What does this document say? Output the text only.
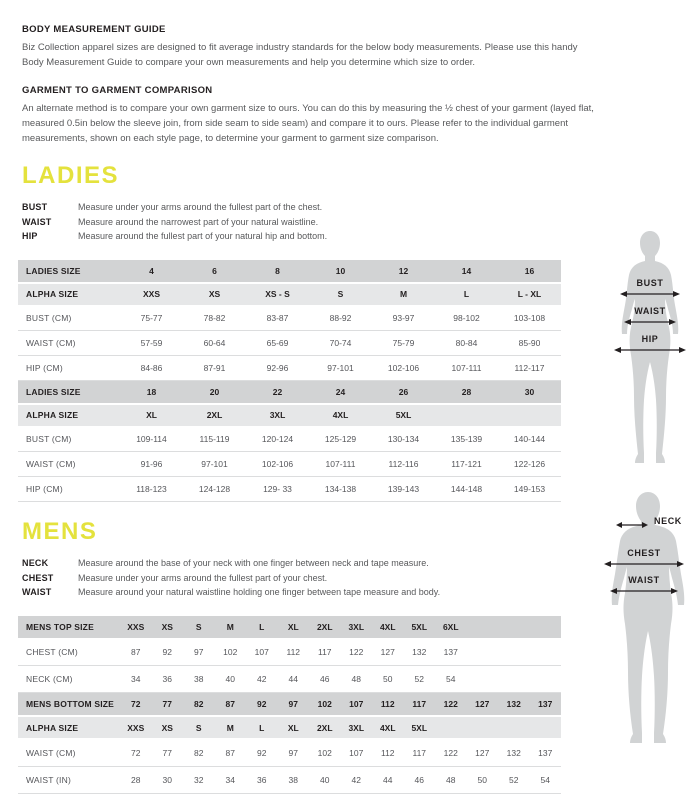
BODY MEASUREMENT GUIDE
Biz Collection apparel sizes are designed to fit average industry standards for the below body measurements. Please use this handy Body Measurement Guide to compare your own measurements and help you determine which size to order.
GARMENT TO GARMENT COMPARISON
An alternate method is to compare your own garment size to ours. You can do this by measuring the ½ chest of your garment (layed flat, measured 0.5in below the sleeve join, from side seam to side seam) and compare it to ours. Please refer to the individual garment measurements, shown on each style page, to determine your garment to garment size comparison.
LADIES
BUST	Measure under your arms around the fullest part of the chest.
WAIST	Measure around the narrowest part of your natural waistline.
HIP	Measure around the fullest part of your natural hip and bottom.
LADIES SIZE	4	6	8	10	12	14	16
ALPHA SIZE	XXS	XS	XS - S	S	M	L	L - XL
BUST (CM)	75-77	78-82	83-87	88-92	93-97	98-102	103-108
WAIST (CM)	57-59	60-64	65-69	70-74	75-79	80-84	85-90
HIP (CM)	84-86	87-91	92-96	97-101	102-106	107-111	112-117
LADIES SIZE	18	20	22	24	26	28	30
ALPHA SIZE	XL	2XL	3XL	4XL	5XL		
BUST (CM)	109-114	115-119	120-124	125-129	130-134	135-139	140-144
WAIST (CM)	91-96	97-101	102-106	107-111	112-116	117-121	122-126
HIP (CM)	118-123	124-128	129- 33	134-138	139-143	144-148	149-153
BUST
WAIST
HIP
MENS
NECK	Measure around the base of your neck with one finger between neck and tape measure.
CHEST	Measure under your arms around the fullest part of your chest.
WAIST	Measure around your natural waistline holding one finger between tape measure and body.
MENS TOP SIZE	XXS	XS	S	M	L	XL	2XL	3XL	4XL	5XL	6XL			
CHEST (CM)	87	92	97	102	107	112	117	122	127	132	137			
NECK (CM)	34	36	38	40	42	44	46	48	50	52	54			
MENS BOTTOM SIZE	72	77	82	87	92	97	102	107	112	117	122	127	132	137
ALPHA SIZE	XXS	XS	S	M	L	XL	2XL	3XL	4XL	5XL				
WAIST (CM)	72	77	82	87	92	97	102	107	112	117	122	127	132	137
WAIST (IN)	28	30	32	34	36	38	40	42	44	46	48	50	52	54
NECK
CHEST
WAIST
